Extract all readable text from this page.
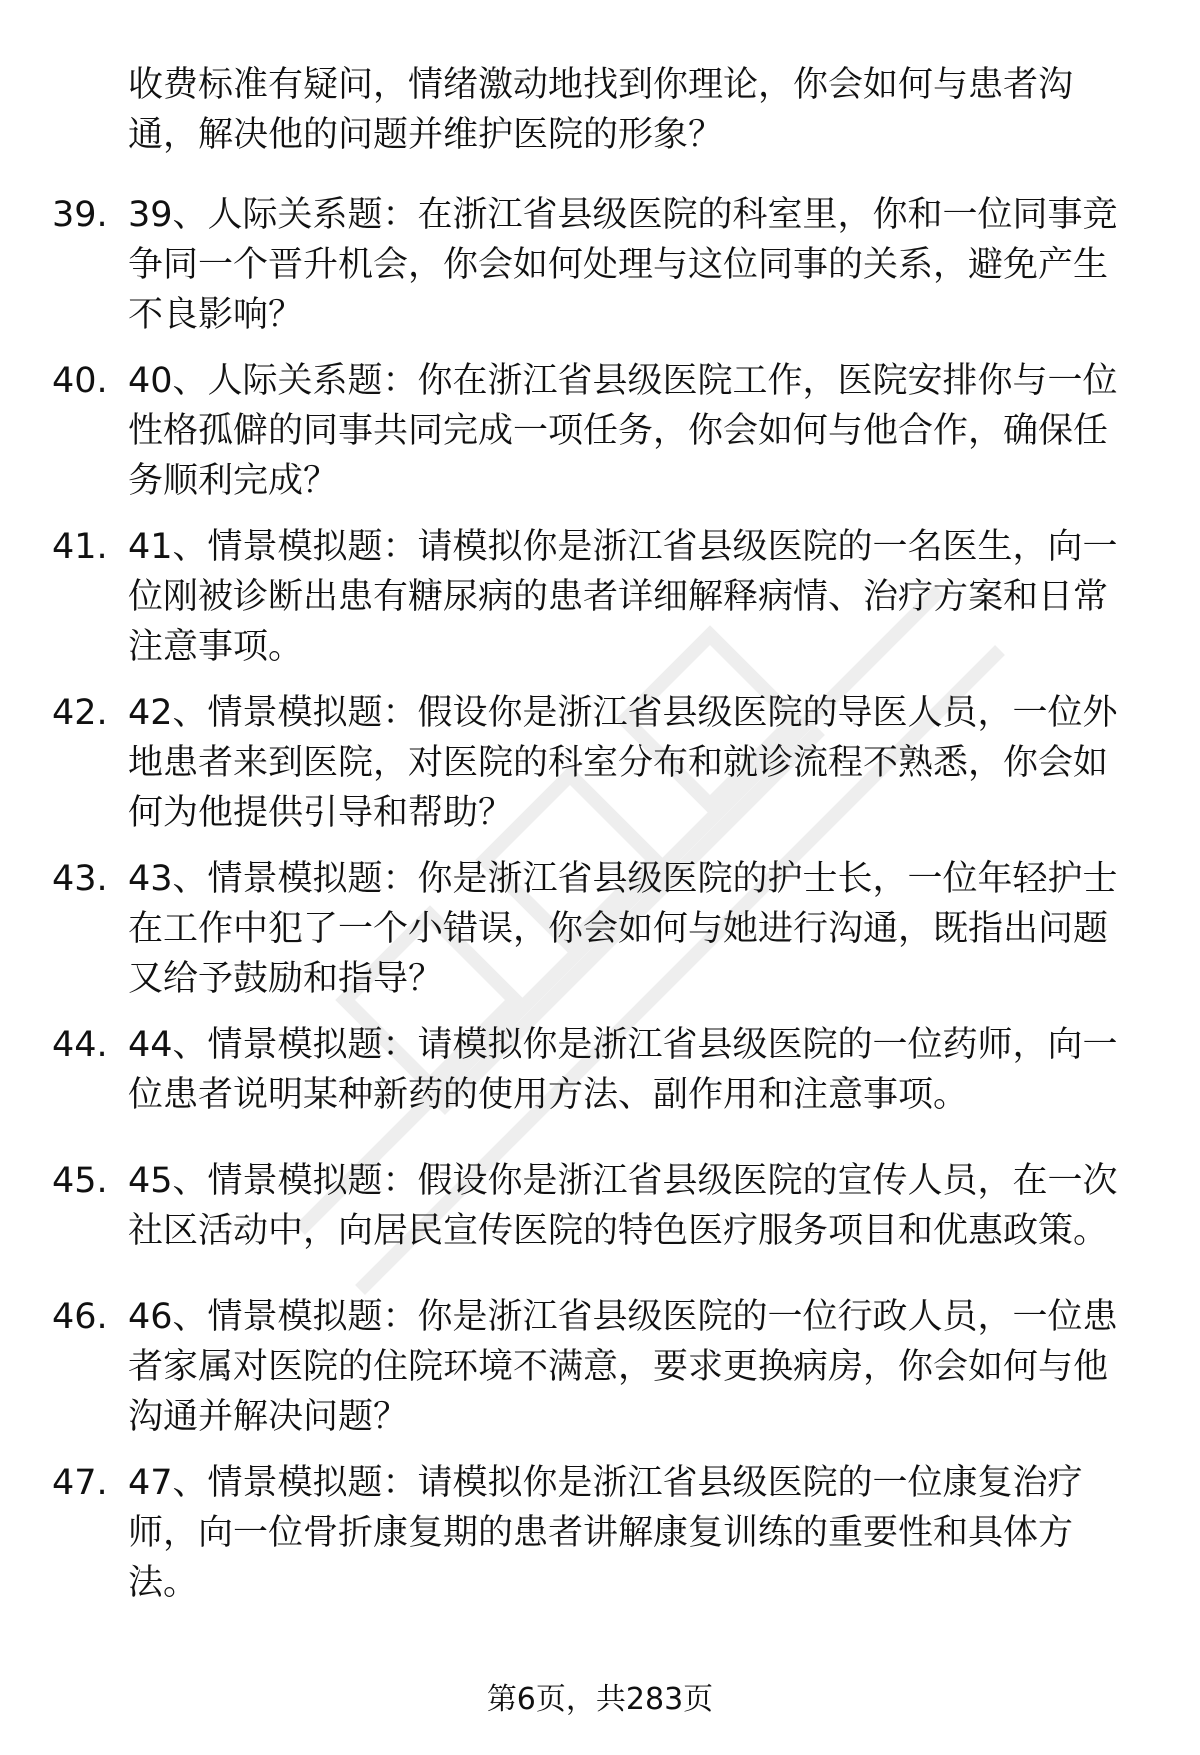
收费标准有疑问，情绪激动地找到你理论，你会如何与患者沟通，解决他的问题并维护医院的形象？
39. 39、人际关系题：在浙江省县级医院的科室里，你和一位同事竞争同一个晋升机会，你会如何处理与这位同事的关系，避免产生不良影响？
40. 40、人际关系题：你在浙江省县级医院工作，医院安排你与一位性格孤僻的同事共同完成一项任务，你会如何与他合作，确保任务顺利完成？
41. 41、情景模拟题：请模拟你是浙江省县级医院的一名医生，向一位刚被诊断出患有糖尿病的患者详细解释病情、治疗方案和日常注意事项。
42. 42、情景模拟题：假设你是浙江省县级医院的导医人员，一位外地患者来到医院，对医院的科室分布和就诊流程不熟悉，你会如何为他提供引导和帮助？
43. 43、情景模拟题：你是浙江省县级医院的护士长，一位年轻护士在工作中犯了一个小错误，你会如何与她进行沟通，既指出问题又给予鼓励和指导？
44. 44、情景模拟题：请模拟你是浙江省县级医院的一位药师，向一位患者说明某种新药的使用方法、副作用和注意事项。
45. 45、情景模拟题：假设你是浙江省县级医院的宣传人员，在一次社区活动中，向居民宣传医院的特色医疗服务项目和优惠政策。
46. 46、情景模拟题：你是浙江省县级医院的一位行政人员，一位患者家属对医院的住院环境不满意，要求更换病房，你会如何与他沟通并解决问题？
47. 47、情景模拟题：请模拟你是浙江省县级医院的一位康复治疗师，向一位骨折康复期的患者讲解康复训练的重要性和具体方法。
第6页，共283页
